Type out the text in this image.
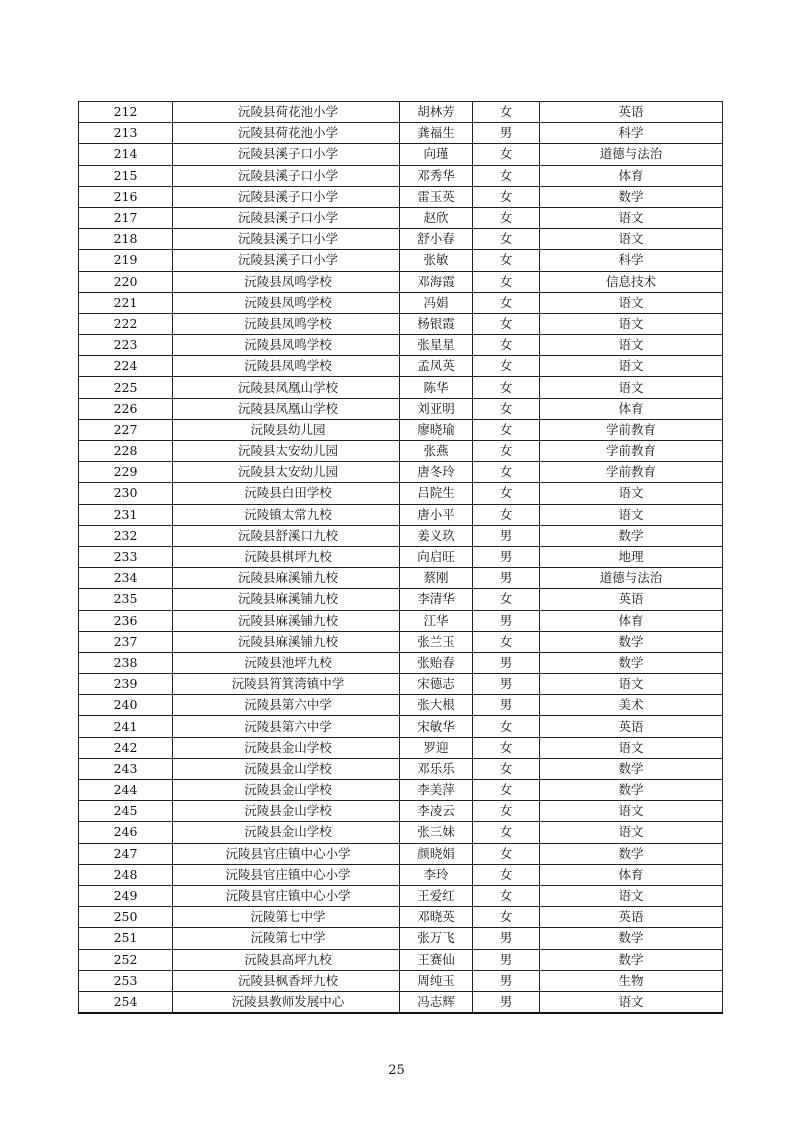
212	沅陵县荷花池小学	胡林芳	女	英语
213	沅陵县荷花池小学	龚福生	男	科学
214	沅陵县溪子口小学	向瑾	女	道德与法治
215	沅陵县溪子口小学	邓秀华	女	体育
216	沅陵县溪子口小学	雷玉英	女	数学
217	沅陵县溪子口小学	赵欣	女	语文
218	沅陵县溪子口小学	舒小春	女	语文
219	沅陵县溪子口小学	张敏	女	科学
220	沅陵县凤鸣学校	邓海霞	女	信息技术
221	沅陵县凤鸣学校	冯娟	女	语文
222	沅陵县凤鸣学校	杨银霞	女	语文
223	沅陵县凤鸣学校	张星星	女	语文
224	沅陵县凤鸣学校	孟凤英	女	语文
225	沅陵县凤凰山学校	陈华	女	语文
226	沅陵县凤凰山学校	刘亚明	女	体育
227	沅陵县幼儿园	廖晓瑜	女	学前教育
228	沅陵县太安幼儿园	张燕	女	学前教育
229	沅陵县太安幼儿园	唐冬玲	女	学前教育
230	沅陵县白田学校	吕院生	女	语文
231	沅陵镇太常九校	唐小平	女	语文
232	沅陵县舒溪口九校	姜义玖	男	数学
233	沅陵县棋坪九校	向启旺	男	地理
234	沅陵县麻溪铺九校	蔡刚	男	道德与法治
235	沅陵县麻溪铺九校	李清华	女	英语
236	沅陵县麻溪铺九校	江华	男	体育
237	沅陵县麻溪铺九校	张兰玉	女	数学
238	沅陵县池坪九校	张贻春	男	数学
239	沅陵县筲箕湾镇中学	宋德志	男	语文
240	沅陵县第六中学	张大根	男	美术
241	沅陵县第六中学	宋敏华	女	英语
242	沅陵县金山学校	罗迎	女	语文
243	沅陵县金山学校	邓乐乐	女	数学
244	沅陵县金山学校	李美萍	女	数学
245	沅陵县金山学校	李凌云	女	语文
246	沅陵县金山学校	张三妹	女	语文
247	沅陵县官庄镇中心小学	颜晓娟	女	数学
248	沅陵县官庄镇中心小学	李玲	女	体育
249	沅陵县官庄镇中心小学	王爱红	女	语文
250	沅陵第七中学	邓晓英	女	英语
251	沅陵第七中学	张万飞	男	数学
252	沅陵县高坪九校	王赛仙	男	数学
253	沅陵县枫香坪九校	周纯玉	男	生物
254	沅陵县教师发展中心	冯志辉	男	语文
25
